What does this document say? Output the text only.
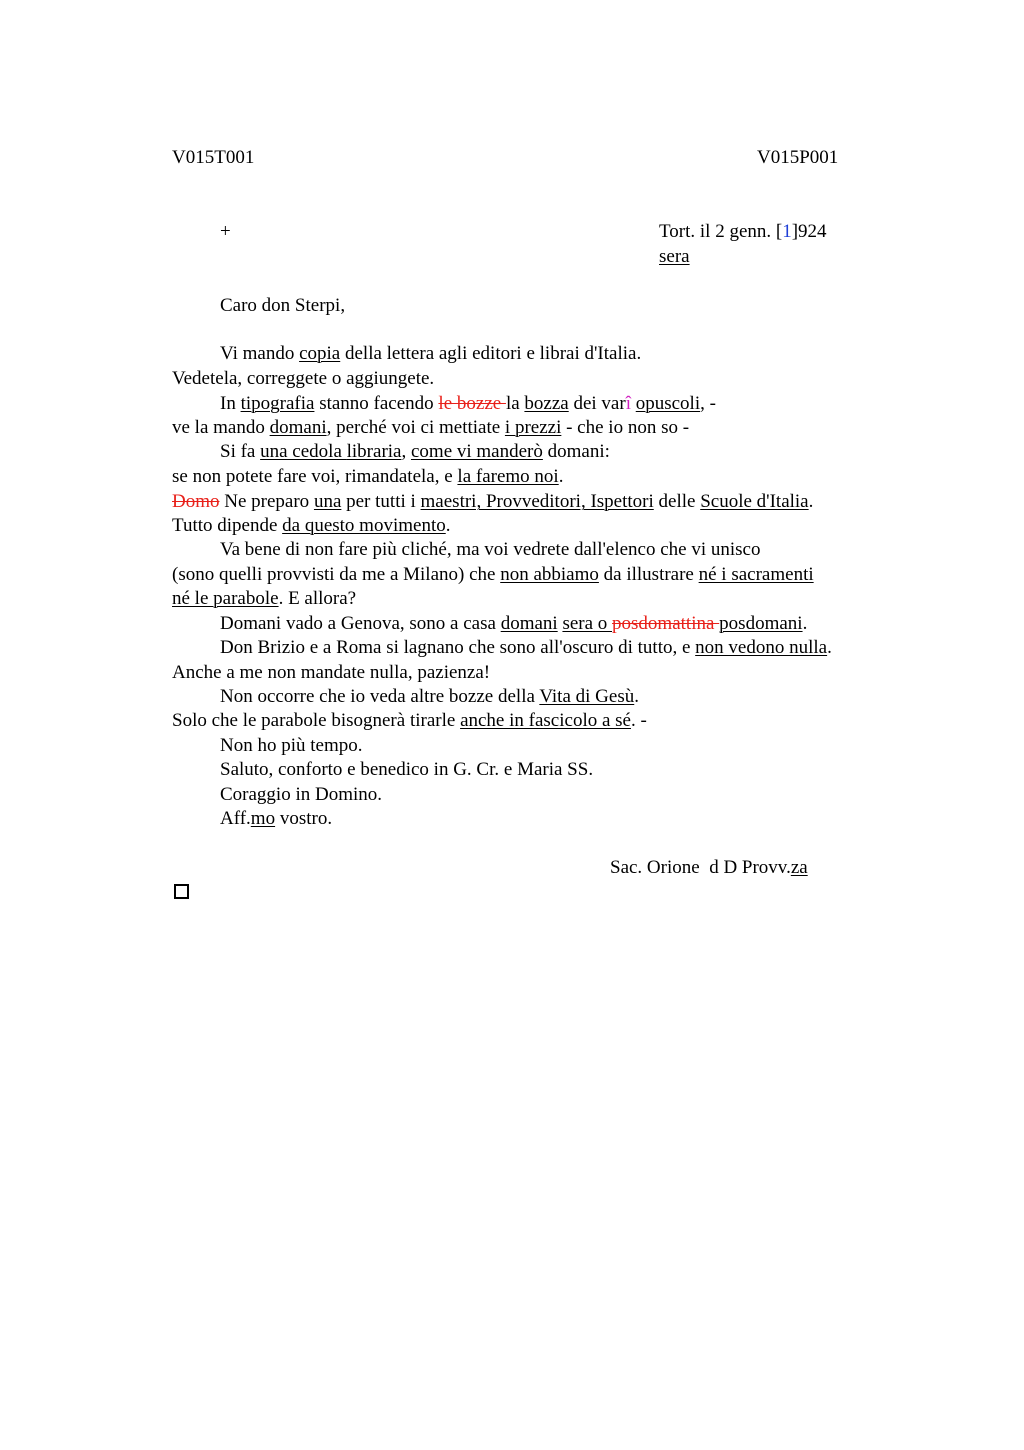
V015T001	V015P001
+	Tort. il 2 genn. [1]924
sera
Caro don Sterpi,
Vi mando copia della lettera agli editori e librai d'Italia.
Vedetela, correggete o aggiungete.
In tipografia stanno facendo le bozze la bozza dei varî opuscoli, -
ve la mando domani, perché voi ci mettiate i prezzi - che io non so -
Si fa una cedola libraria, come vi manderò domani:
se non potete fare voi, rimandatela, e la faremo noi.
Domo Ne preparo una per tutti i maestri, Provveditori, Ispettori delle Scuole d'Italia.
Tutto dipende da questo movimento.
Va bene di non fare più cliché, ma voi vedrete dall'elenco che vi unisco
(sono quelli provvisti da me a Milano) che non abbiamo da illustrare né i sacramenti
né le parabole. E allora?
Domani vado a Genova, sono a casa domani sera o posdomattina posdomani.
Don Brizio e a Roma si lagnano che sono all'oscuro di tutto, e non vedono nulla.
Anche a me non mandate nulla, pazienza!
Non occorre che io veda altre bozze della Vita di Gesù.
Solo che le parabole bisognerà tirarle anche in fascicolo a sé. -
Non ho più tempo.
Saluto, conforto e benedico in G. Cr. e Maria SS.
Coraggio in Domino.
Aff.mo vostro.
Sac. Orione  d D Provv.za
